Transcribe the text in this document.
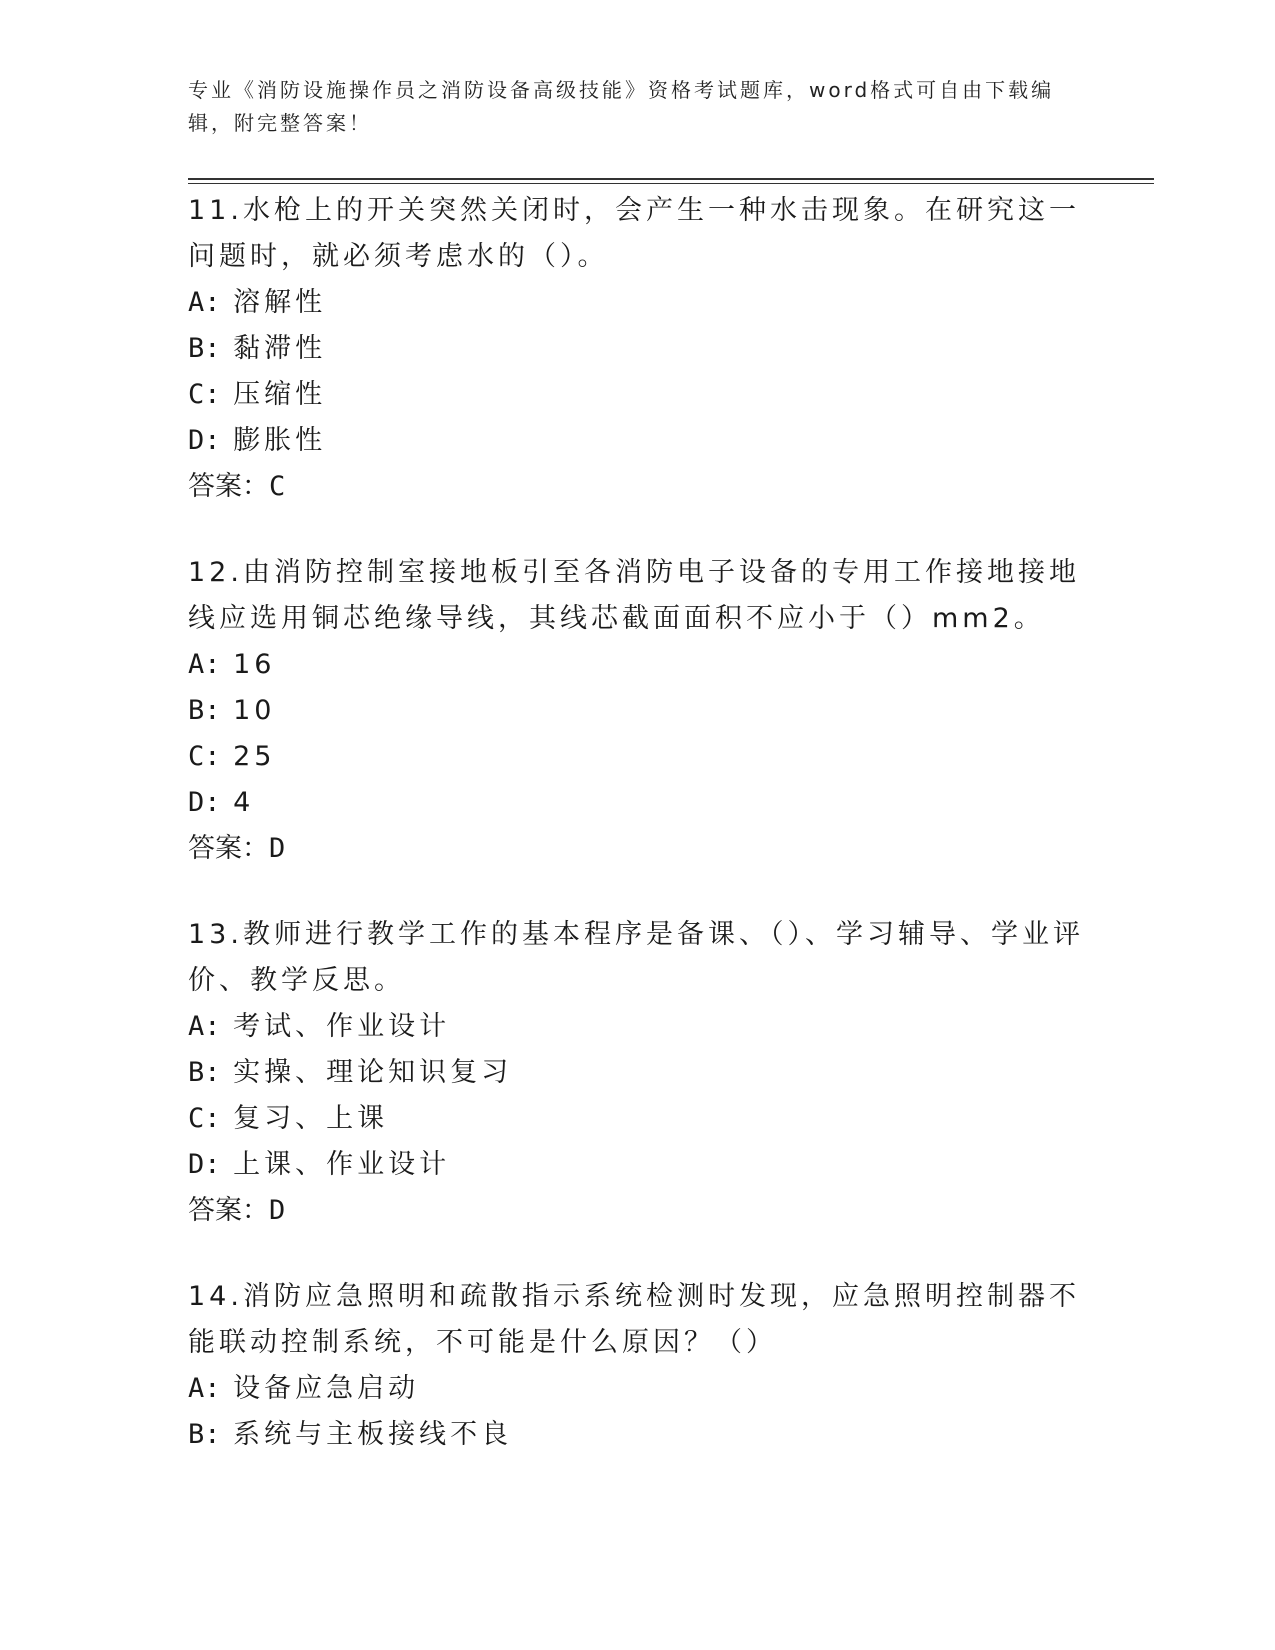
专业《消防设施操作员之消防设备高级技能》资格考试题库，word格式可自由下载编辑，附完整答案！

11.水枪上的开关突然关闭时，会产生一种水击现象。在研究这一问题时，就必须考虑水的（）。

A: 溶解性

B: 黏滞性

C: 压缩性

D: 膨胀性

答案：C

12.由消防控制室接地板引至各消防电子设备的专用工作接地接地线应选用铜芯绝缘导线，其线芯截面面积不应小于（）mm2。

A: 16

B: 10

C: 25

D: 4

答案：D

13.教师进行教学工作的基本程序是备课、（）、学习辅导、学业评价、教学反思。

A: 考试、作业设计

B: 实操、理论知识复习

C: 复习、上课

D: 上课、作业设计

答案：D

14.消防应急照明和疏散指示系统检测时发现，应急照明控制器不能联动控制系统，不可能是什么原因？（）

A: 设备应急启动

B: 系统与主板接线不良
